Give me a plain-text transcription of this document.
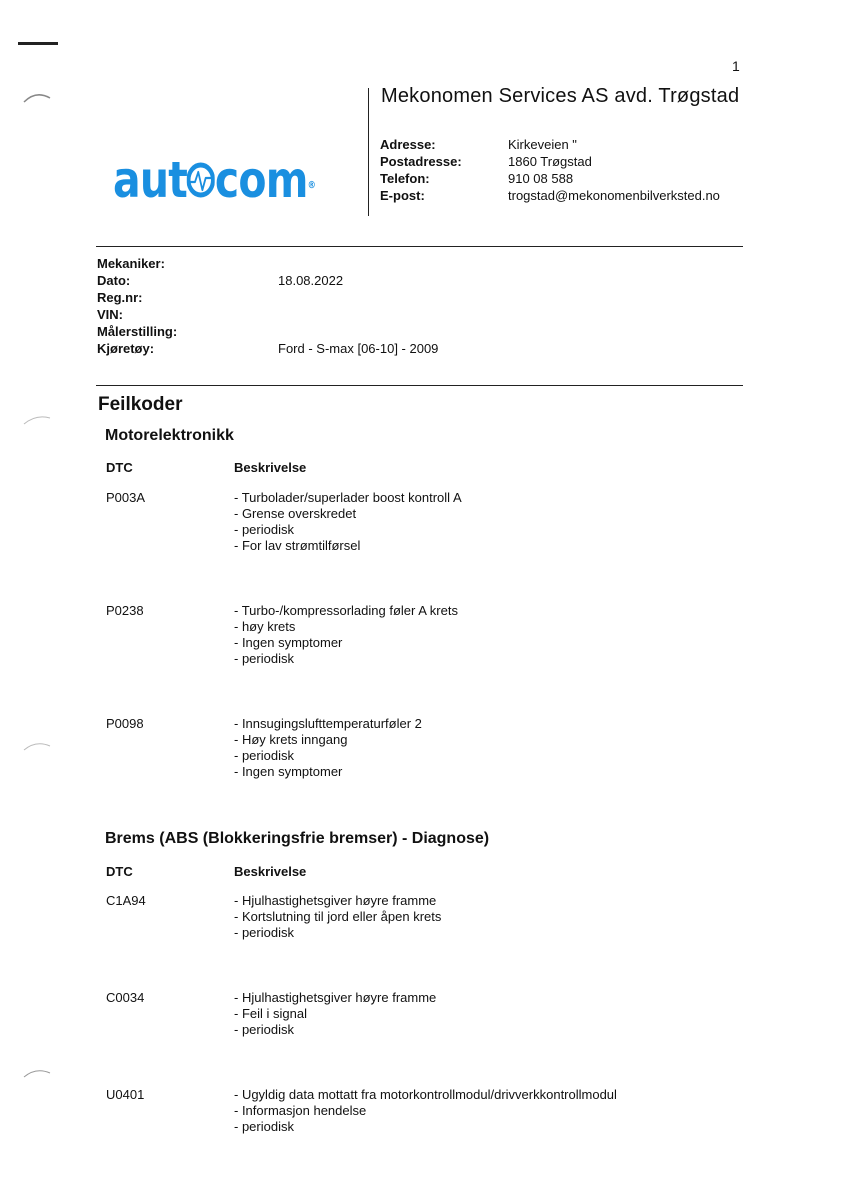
1
Mekonomen Services AS avd. Trøgstad
aut com®
Adresse:	Kirkeveien "
Postadresse:	1860 Trøgstad
Telefon:	910 08 588
E-post:	trogstad@mekonomenbilverksted.no
Mekaniker:
Dato:	18.08.2022
Reg.nr:
VIN:
Målerstilling:
Kjøretøy:	Ford - S-max [06-10] - 2009
Feilkoder
Motorelektronikk
DTC	Beskrivelse
P003A	- Turbolader/superlader boost kontroll A
- Grense overskredet
- periodisk
- For lav strømtilførsel
P0238	- Turbo-/kompressorlading føler A krets
- høy krets
- Ingen symptomer
- periodisk
P0098	- Innsugingslufttemperaturføler 2
- Høy krets inngang
- periodisk
- Ingen symptomer
Brems (ABS (Blokkeringsfrie bremser) - Diagnose)
DTC	Beskrivelse
C1A94	- Hjulhastighetsgiver høyre framme
- Kortslutning til jord eller åpen krets
- periodisk
C0034	- Hjulhastighetsgiver høyre framme
- Feil i signal
- periodisk
U0401	- Ugyldig data mottatt fra motorkontrollmodul/drivverkkontrollmodul
- Informasjon hendelse
- periodisk
